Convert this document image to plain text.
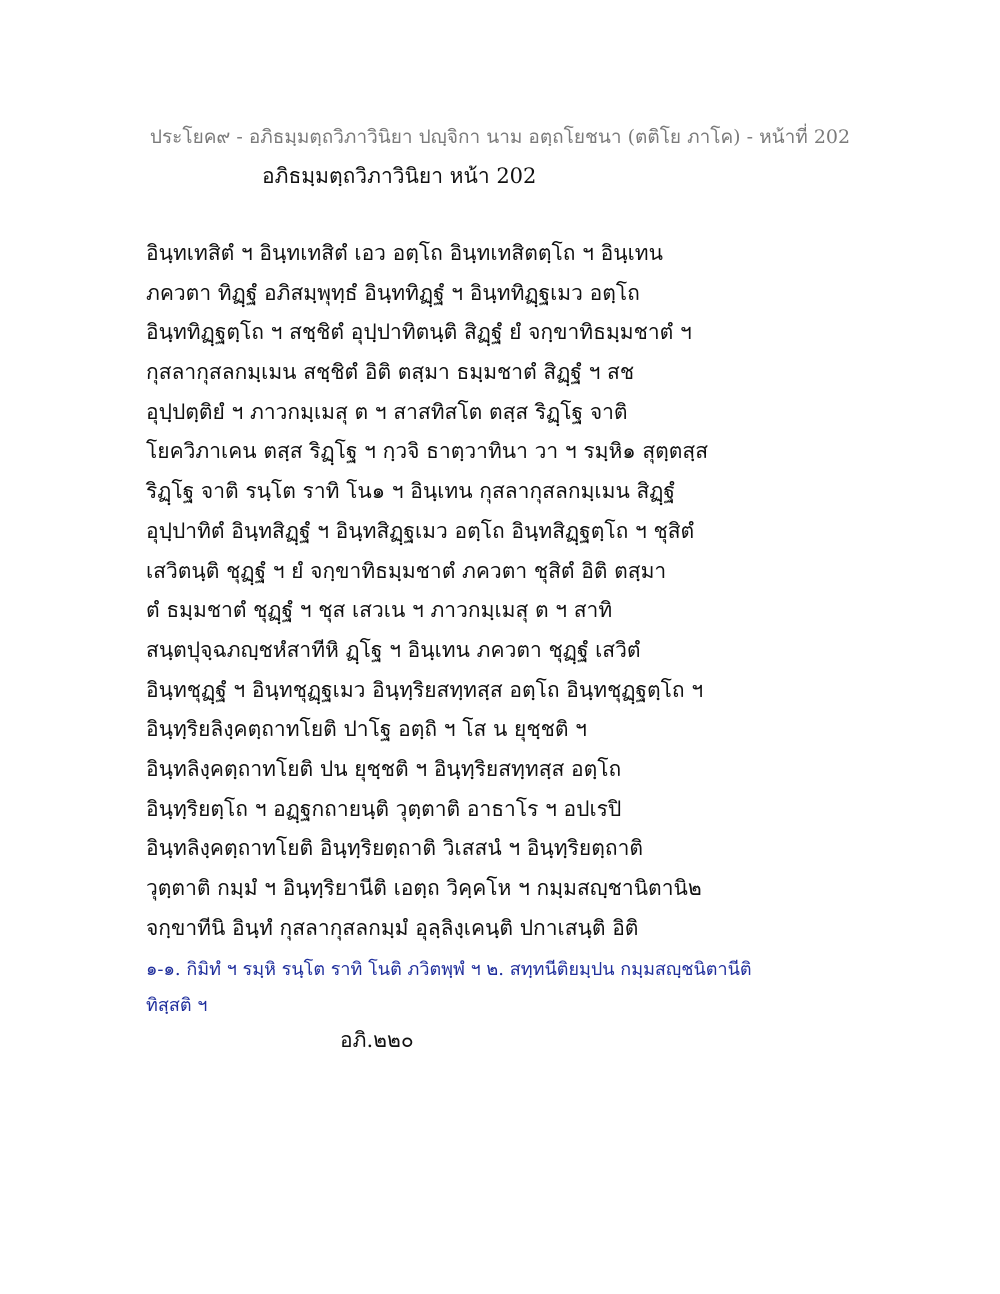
ประโยค๙ - อภิธมฺมตฺถวิภาวินิยา ปญฺจิกา นาม อตฺถโยชนา (ตติโย ภาโค) - หน้าที่ 202
อภิธมฺมตฺถวิภาวินิยา หน้า 202
อินฺทเทสิตํ ฯ อินฺทเทสิตํ เอว อตฺโถ อินฺทเทสิตตฺโถ ฯ อินฺเทน
ภควตา ทิฏฺฐํ อภิสมฺพุทฺธํ อินฺททิฏฺฐํ ฯ อินฺททิฏฺฐเมว อตฺโถ
อินฺททิฏฺฐตฺโถ ฯ สชฺชิตํ อุปฺปาทิตนฺติ สิฏฺฐํ ยํ จกฺขาทิธมฺมชาตํ ฯ
กุสลากุสลกมฺเมน สชฺชิตํ อิติ ตสฺมา ธมฺมชาตํ สิฏฺฐํ ฯ สช
อุปฺปตฺติยํ ฯ ภาวกมฺเมสุ ต ฯ สาสทิสโต ตสฺส ริฏฺโฐ จาติ
โยควิภาเคน ตสฺส ริฏฺโฐ ฯ กฺวจิ ธาตฺวาทินา วา ฯ รมฺหิ๑ สุตฺตสฺส
ริฏฺโฐ จาติ รนฺโต ราทิ โน๑ ฯ อินฺเทน กุสลากุสลกมฺเมน สิฏฺฐํ
อุปฺปาทิตํ อินฺทสิฏฺฐํ ฯ อินฺทสิฏฺฐเมว อตฺโถ อินฺทสิฏฺฐตฺโถ ฯ ชุสิตํ
เสวิตนฺติ ชุฏฺฐํ ฯ ยํ จกฺขาทิธมฺมชาตํ ภควตา ชุสิตํ อิติ ตสฺมา
ตํ ธมฺมชาตํ ชุฏฺฐํ ฯ ชุส เสวเน ฯ ภาวกมฺเมสุ ต ฯ สาทิ
สนฺตปุจฺฉภญฺชหํสาทีหิ ฏฺโฐ ฯ อินฺเทน ภควตา ชุฏฺฐํ เสวิตํ
อินฺทชุฏฺฐํ ฯ อินฺทชุฏฺฐเมว อินฺทฺริยสทฺทสฺส อตฺโถ อินฺทชุฏฺฐตฺโถ ฯ
อินฺทฺริยลิงฺคตฺถาทโยติ ปาโฐ อตฺถิ ฯ โส น ยุชฺชติ ฯ
อินฺทลิงฺคตฺถาทโยติ ปน ยุชฺชติ ฯ อินฺทฺริยสทฺทสฺส อตฺโถ
อินฺทฺริยตฺโถ ฯ อฏฺฐกถายนฺติ วุตฺตาติ อาธาโร ฯ อปเรปิ
อินฺทลิงฺคตฺถาทโยติ อินฺทฺริยตฺถาติ วิเสสนํ ฯ อินฺทฺริยตฺถาติ
วุตฺตาติ กมฺมํ ฯ อินฺทฺริยานีติ เอตฺถ วิคฺคโห ฯ กมฺมสญฺชานิตานิ๒
จกฺขาทีนิ อินฺทํ กุสลากุสลกมฺมํ อุลฺลิงฺเคนฺติ ปกาเสนฺติ อิติ
๑-๑. กิมิทํ ฯ รมฺหิ รนฺโต ราทิ โนติ ภวิตพฺพํ ฯ ๒. สทฺทนีติยมฺปน กมฺมสญฺชนิตานีติ
ทิสฺสติ ฯ
อภิ.๒๒๐
